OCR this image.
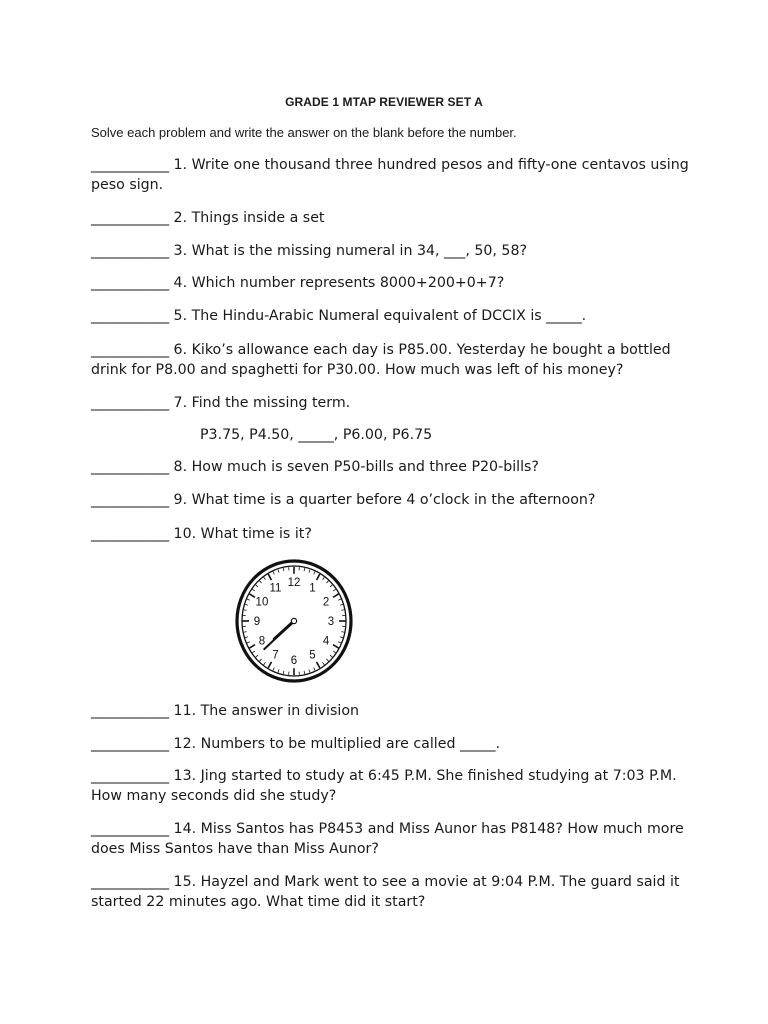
GRADE 1 MTAP REVIEWER SET A
Solve each problem and write the answer on the blank before the number.
___________ 1. Write one thousand three hundred pesos and fifty-one centavos using peso sign.
___________ 2. Things inside a set
___________ 3. What is the missing numeral in 34, ___, 50, 58?
___________ 4. Which number represents 8000+200+0+7?
___________ 5. The Hindu-Arabic Numeral equivalent of DCCIX is _____.
___________ 6. Kiko’s allowance each day is P85.00. Yesterday he bought a bottled drink for P8.00 and spaghetti for P30.00. How much was left of his money?
___________ 7. Find the missing term.
P3.75, P4.50, _____, P6.00, P6.75
___________ 8. How much is seven P50-bills and three P20-bills?
___________ 9. What time is a quarter before 4 o’clock in the afternoon?
___________ 10. What time is it?
12 1
2
3
4
5
6
7
8
9
10
11
___________ 11. The answer in division
___________ 12. Numbers to be multiplied are called _____.
___________ 13. Jing started to study at 6:45 P.M. She finished studying at 7:03 P.M. How many seconds did she study?
___________ 14. Miss Santos has P8453 and Miss Aunor has P8148? How much more does Miss Santos have than Miss Aunor?
___________ 15. Hayzel and Mark went to see a movie at 9:04 P.M. The guard said it started 22 minutes ago. What time did it start?
